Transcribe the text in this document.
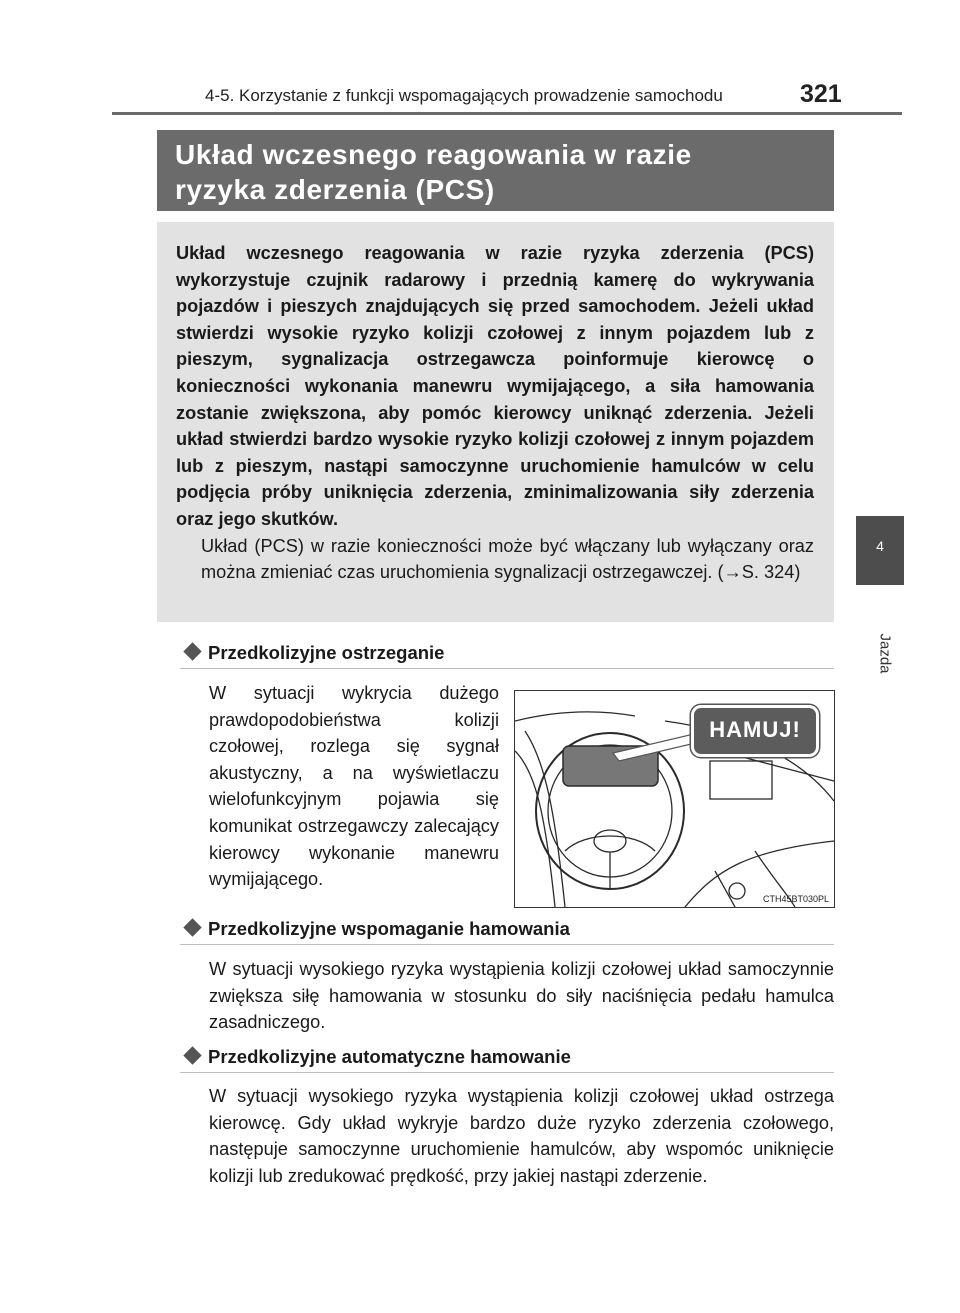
4-5. Korzystanie z funkcji wspomagających prowadzenie samochodu	321
4
Jazda
Układ wczesnego reagowania w razie
ryzyka zderzenia (PCS)
Układ wczesnego reagowania w razie ryzyka zderzenia (PCS) wykorzystuje czujnik radarowy i przednią kamerę do wykrywania pojazdów i pieszych znajdujących się przed samochodem. Jeżeli układ stwierdzi wysokie ryzyko kolizji czołowej z innym pojazdem lub z pieszym, sygnalizacja ostrzegawcza poinformuje kierowcę o konieczności wykonania manewru wymijającego, a siła hamowania zostanie zwiększona, aby pomóc kierowcy uniknąć zderzenia. Jeżeli układ stwierdzi bardzo wysokie ryzyko kolizji czołowej z innym pojazdem lub z pieszym, nastąpi samoczynne uruchomienie hamulców w celu podjęcia próby uniknięcia zderzenia, zminimalizowania siły zderzenia oraz jego skutków.
Układ (PCS) w razie konieczności może być włączany lub wyłączany oraz można zmieniać czas uruchomienia sygnalizacji ostrzegawczej. (→S. 324)
Przedkolizyjne ostrzeganie
W sytuacji wykrycia dużego prawdopodobieństwa kolizji czołowej, rozlega się sygnał akustyczny, a na wyświetlaczu wielofunkcyjnym pojawia się komunikat ostrzegawczy zalecający kierowcy wykonanie manewru wymijającego.
HAMUJ!
CTH45BT030PL
Przedkolizyjne wspomaganie hamowania
W sytuacji wysokiego ryzyka wystąpienia kolizji czołowej układ samoczynnie zwiększa siłę hamowania w stosunku do siły naciśnięcia pedału hamulca zasadniczego.
Przedkolizyjne automatyczne hamowanie
W sytuacji wysokiego ryzyka wystąpienia kolizji czołowej układ ostrzega kierowcę. Gdy układ wykryje bardzo duże ryzyko zderzenia czołowego, następuje samoczynne uruchomienie hamulców, aby wspomóc uniknięcie kolizji lub zredukować prędkość, przy jakiej nastąpi zderzenie.
